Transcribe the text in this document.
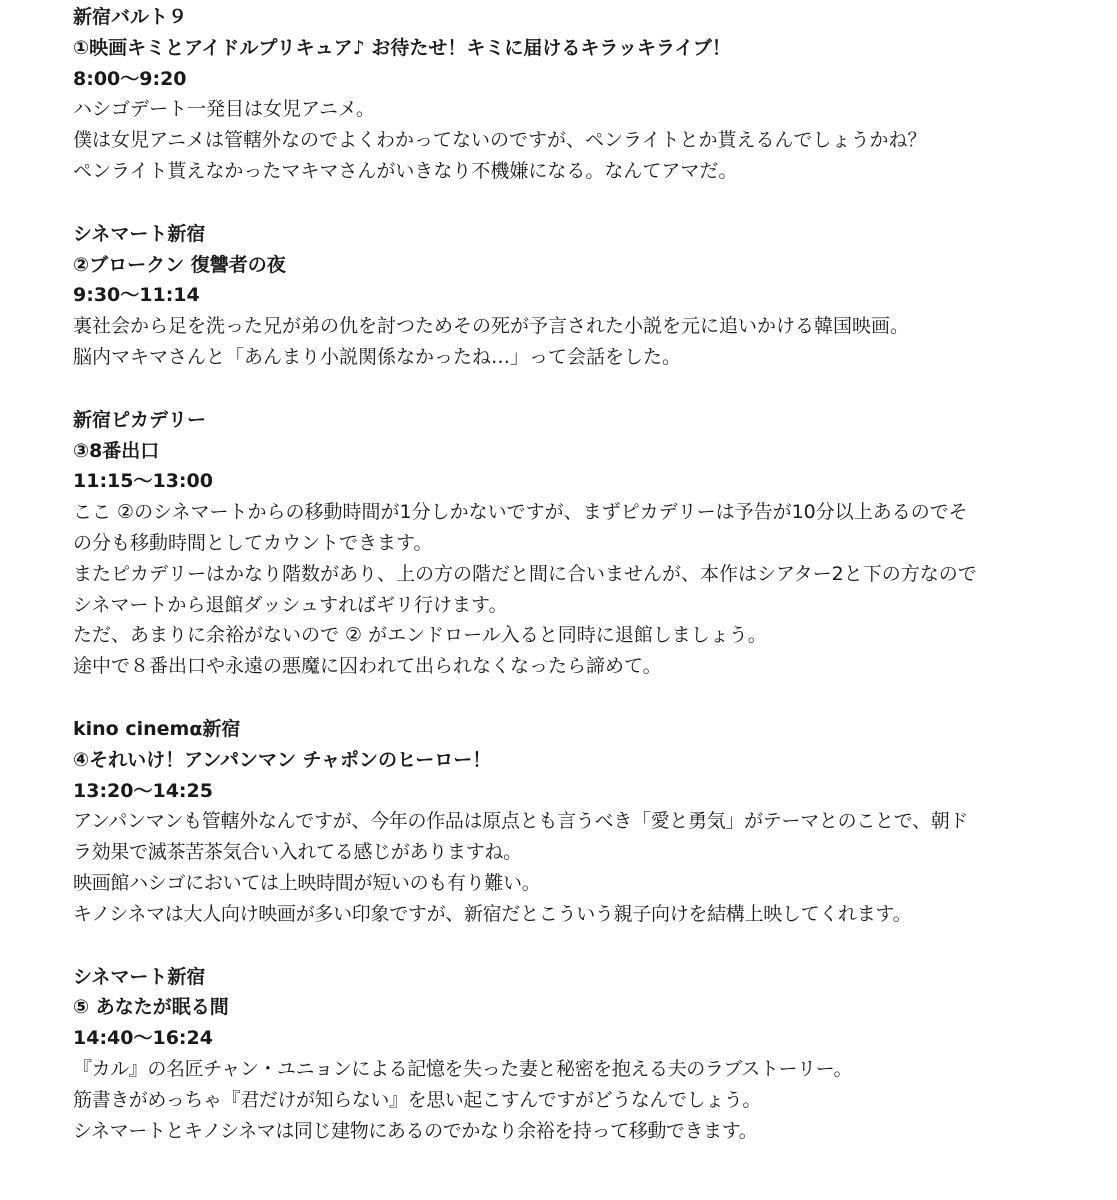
新宿バルト９
①映画キミとアイドルプリキュア♪ お待たせ！キミに届けるキラッキライブ！
8:00〜9:20
ハシゴデート一発目は女児アニメ。
僕は女児アニメは管轄外なのでよくわかってないのですが、ペンライトとか貰えるんでしょうかね？
ペンライト貰えなかったマキマさんがいきなり不機嫌になる。なんてアマだ。
シネマート新宿
②ブロークン 復讐者の夜
9:30〜11:14
裏社会から足を洗った兄が弟の仇を討つためその死が予言された小説を元に追いかける韓国映画。
脳内マキマさんと「あんまり小説関係なかったね…」って会話をした。
新宿ピカデリー
③8番出口
11:15〜13:00
ここ ②のシネマートからの移動時間が1分しかないですが、まずピカデリーは予告が10分以上あるのでそ
の分も移動時間としてカウントできます。
またピカデリーはかなり階数があり、上の方の階だと間に合いませんが、本作はシアター2と下の方なので
シネマートから退館ダッシュすればギリ行けます。
ただ、あまりに余裕がないので ② がエンドロール入ると同時に退館しましょう。
途中で８番出口や永遠の悪魔に囚われて出られなくなったら諦めて。
kino cinemα新宿
④それいけ！アンパンマン チャポンのヒーロー！
13:20〜14:25
アンパンマンも管轄外なんですが、今年の作品は原点とも言うべき「愛と勇気」がテーマとのことで、朝ド
ラ効果で滅茶苦茶気合い入れてる感じがありますね。
映画館ハシゴにおいては上映時間が短いのも有り難い。
キノシネマは大人向け映画が多い印象ですが、新宿だとこういう親子向けを結構上映してくれます。
シネマート新宿
⑤ あなたが眠る間
14:40〜16:24
『カル』の名匠チャン・ユニョンによる記憶を失った妻と秘密を抱える夫のラブストーリー。
筋書きがめっちゃ『君だけが知らない』を思い起こすんですがどうなんでしょう。
シネマートとキノシネマは同じ建物にあるのでかなり余裕を持って移動できます。
